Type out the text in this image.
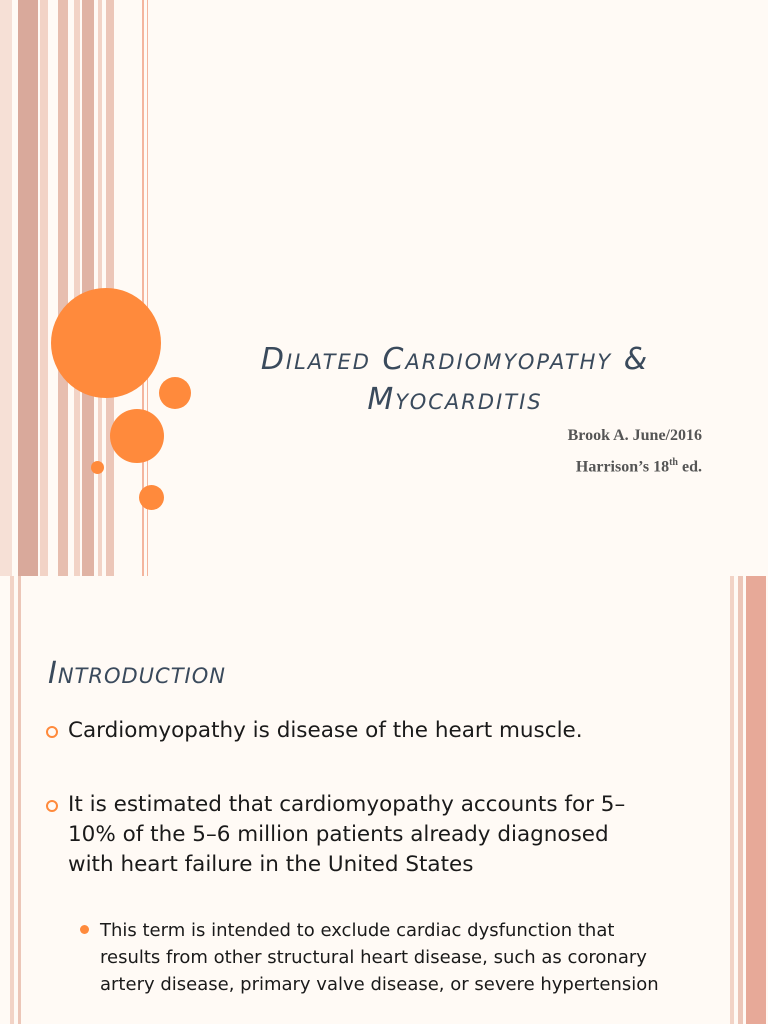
Dilated Cardiomyopathy &
Myocarditis
Brook A. June/2016
Harrison’s 18th ed.
Introduction
Cardiomyopathy is disease of the heart muscle.
It is estimated that cardiomyopathy accounts for 5–10% of the 5–6 million patients already diagnosed with heart failure in the United States
This term is intended to exclude cardiac dysfunction that results from other structural heart disease, such as coronary artery disease, primary valve disease, or severe hypertension
